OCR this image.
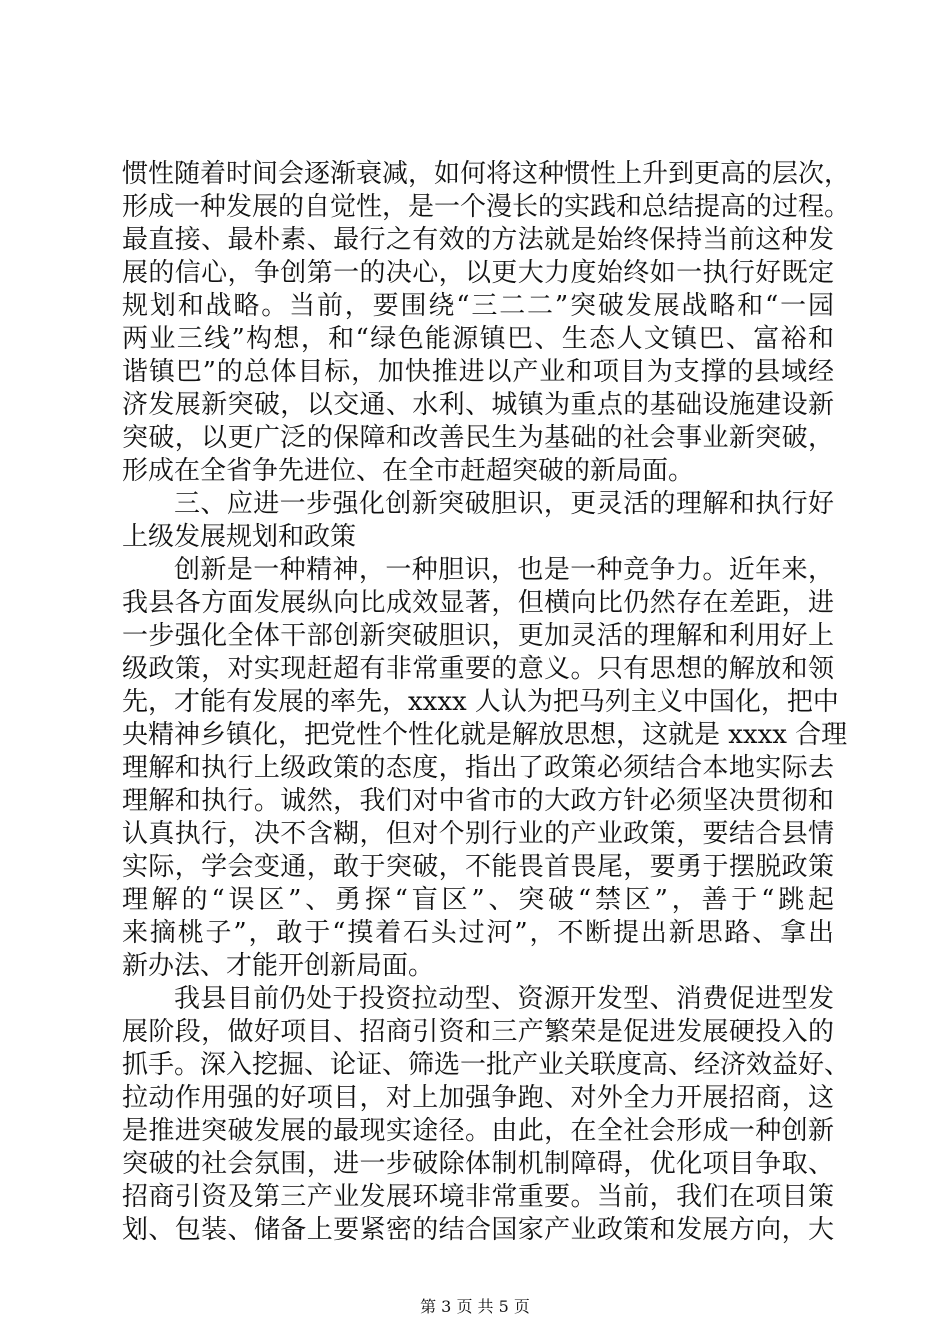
惯性随着时间会逐渐衰减，如何将这种惯性上升到更高的层次，
形成一种发展的自觉性，是一个漫长的实践和总结提高的过程。
最直接、最朴素、最行之有效的方法就是始终保持当前这种发
展的信心，争创第一的决心，以更大力度始终如一执行好既定
规划和战略。当前，要围绕“三二二”突破发展战略和“一园
两业三线”构想，和“绿色能源镇巴、生态人文镇巴、富裕和
谐镇巴”的总体目标，加快推进以产业和项目为支撑的县域经
济发展新突破，以交通、水利、城镇为重点的基础设施建设新
突破，以更广泛的保障和改善民生为基础的社会事业新突破，
形成在全省争先进位、在全市赶超突破的新局面。
三、应进一步强化创新突破胆识，更灵活的理解和执行好
上级发展规划和政策
创新是一种精神，一种胆识，也是一种竞争力。近年来，
我县各方面发展纵向比成效显著，但横向比仍然存在差距，进
一步强化全体干部创新突破胆识，更加灵活的理解和利用好上
级政策，对实现赶超有非常重要的意义。只有思想的解放和领
先，才能有发展的率先，xxxx 人认为把马列主义中国化，把中
央精神乡镇化，把党性个性化就是解放思想，这就是 xxxx 合理
理解和执行上级政策的态度，指出了政策必须结合本地实际去
理解和执行。诚然，我们对中省市的大政方针必须坚决贯彻和
认真执行，决不含糊，但对个别行业的产业政策，要结合县情
实际，学会变通，敢于突破，不能畏首畏尾，要勇于摆脱政策
理解的“误区”、勇探“盲区”、突破“禁区”，善于“跳起
来摘桃子”，敢于“摸着石头过河”，不断提出新思路、拿出
新办法、才能开创新局面。
我县目前仍处于投资拉动型、资源开发型、消费促进型发
展阶段，做好项目、招商引资和三产繁荣是促进发展硬投入的
抓手。深入挖掘、论证、筛选一批产业关联度高、经济效益好、
拉动作用强的好项目，对上加强争跑、对外全力开展招商，这
是推进突破发展的最现实途径。由此，在全社会形成一种创新
突破的社会氛围，进一步破除体制机制障碍，优化项目争取、
招商引资及第三产业发展环境非常重要。当前，我们在项目策
划、包装、储备上要紧密的结合国家产业政策和发展方向，大
第 3 页 共 5 页
